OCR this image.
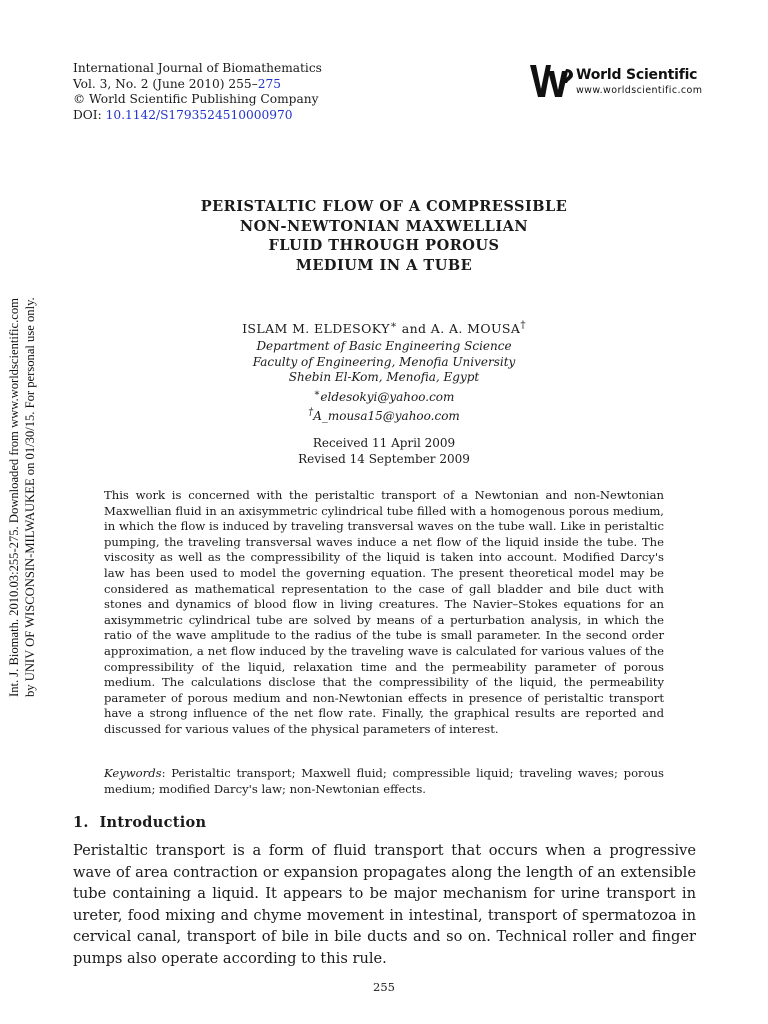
International Journal of Biomathematics
Vol. 3, No. 2 (June 2010) 255–275
© World Scientific Publishing Company
DOI: 10.1142/S1793524510000970
World Scientific
www.worldscientific.com
Int. J. Biomath. 2010.03:255-275. Downloaded from www.worldscientific.com by UNIV OF WISCONSIN-MILWAUKEE on 01/30/15. For personal use only.
PERISTALTIC FLOW OF A COMPRESSIBLE
NON-NEWTONIAN MAXWELLIAN
FLUID THROUGH POROUS
MEDIUM IN A TUBE
ISLAM M. ELDESOKY∗ and A. A. MOUSA†
Department of Basic Engineering Science
Faculty of Engineering, Menofia University
Shebin El-Kom, Menofia, Egypt
∗eldesokyi@yahoo.com
†A_mousa15@yahoo.com
Received 11 April 2009
Revised 14 September 2009
This work is concerned with the peristaltic transport of a Newtonian and non-Newtonian Maxwellian fluid in an axisymmetric cylindrical tube filled with a homogenous porous medium, in which the flow is induced by traveling transversal waves on the tube wall. Like in peristaltic pumping, the traveling transversal waves induce a net flow of the liquid inside the tube. The viscosity as well as the compressibility of the liquid is taken into account. Modified Darcy's law has been used to model the governing equation. The present theoretical model may be considered as mathematical representation to the case of gall bladder and bile duct with stones and dynamics of blood flow in living creatures. The Navier–Stokes equations for an axisymmetric cylindrical tube are solved by means of a perturbation analysis, in which the ratio of the wave amplitude to the radius of the tube is small parameter. In the second order approximation, a net flow induced by the traveling wave is calculated for various values of the compressibility of the liquid, relaxation time and the permeability parameter of porous medium. The calculations disclose that the compressibility of the liquid, the permeability parameter of porous medium and non-Newtonian effects in presence of peristaltic transport have a strong influence of the net flow rate. Finally, the graphical results are reported and discussed for various values of the physical parameters of interest.
Keywords: Peristaltic transport; Maxwell fluid; compressible liquid; traveling waves; porous medium; modified Darcy's law; non-Newtonian effects.
1. Introduction
Peristaltic transport is a form of fluid transport that occurs when a progressive wave of area contraction or expansion propagates along the length of an extensible tube containing a liquid. It appears to be major mechanism for urine transport in ureter, food mixing and chyme movement in intestinal, transport of spermatozoa in cervical canal, transport of bile in bile ducts and so on. Technical roller and finger pumps also operate according to this rule.
255
